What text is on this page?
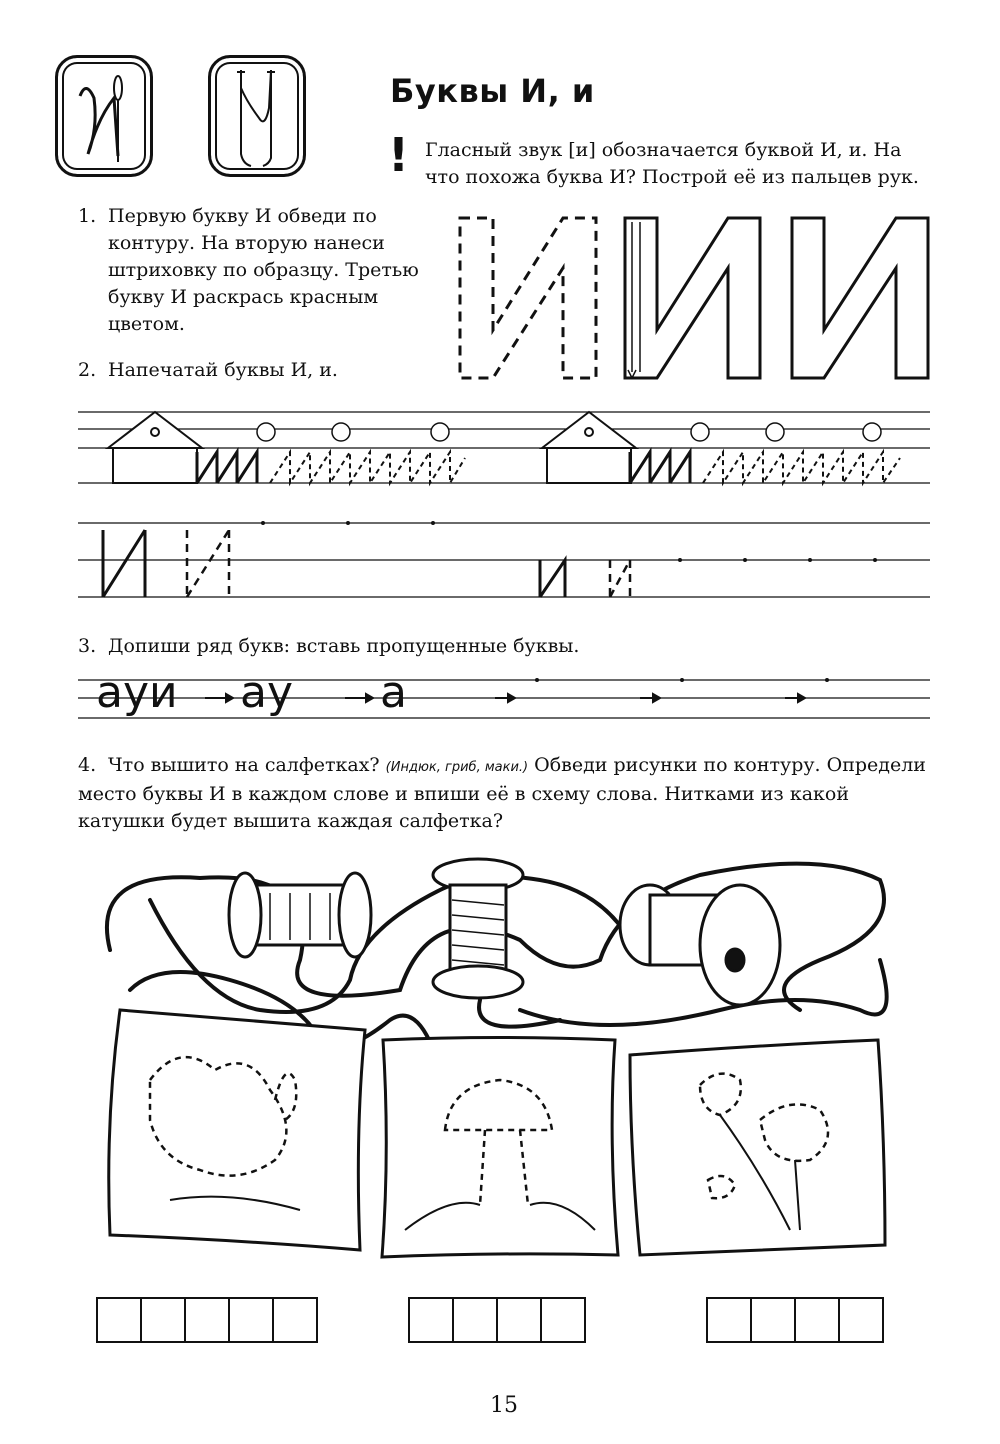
Буквы И, и
! Гласный звук [и] обозначается буквой И, и. На что похожа буква И? Построй её из пальцев рук.
1. Первую букву И обведи по контуру. На вторую нанеси штриховку по образцу. Третью букву И раскрась красным цветом.
2. Напечатай буквы И, и.
3. Допиши ряд букв: вставь пропущенные буквы.
ауи ау а
4. Что вышито на салфетках? (Индюк, гриб, маки.) Обведи рисунки по контуру. Определи место буквы И в каждом слове и впиши её в схему слова. Нитками из какой катушки будет вышита каждая салфетка?
15
